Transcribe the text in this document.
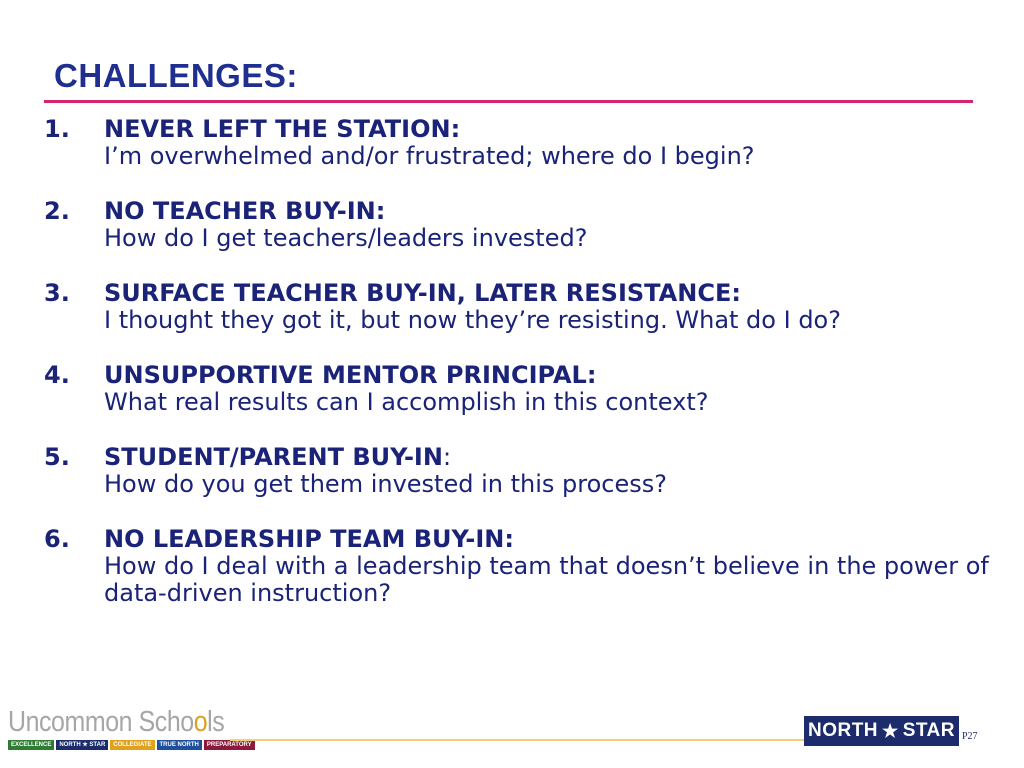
CHALLENGES:
1. NEVER LEFT THE STATION:
I’m overwhelmed and/or frustrated; where do I begin?
2. NO TEACHER BUY-IN:
How do I get teachers/leaders invested?
3. SURFACE TEACHER BUY-IN, LATER RESISTANCE:
I thought they got it, but now they’re resisting. What do I do?
4. UNSUPPORTIVE MENTOR PRINCIPAL:
What real results can I accomplish in this context?
5. STUDENT/PARENT BUY-IN:
How do you get them invested in this process?
6. NO LEADERSHIP TEAM BUY-IN:
How do I deal with a leadership team that doesn’t believe in the power of data-driven instruction?
Uncommon Schools
EXCELLENCE	NORTH ★ STAR	COLLEGIATE	TRUE NORTH	PREPARATORY
NORTH ★ STAR P27
